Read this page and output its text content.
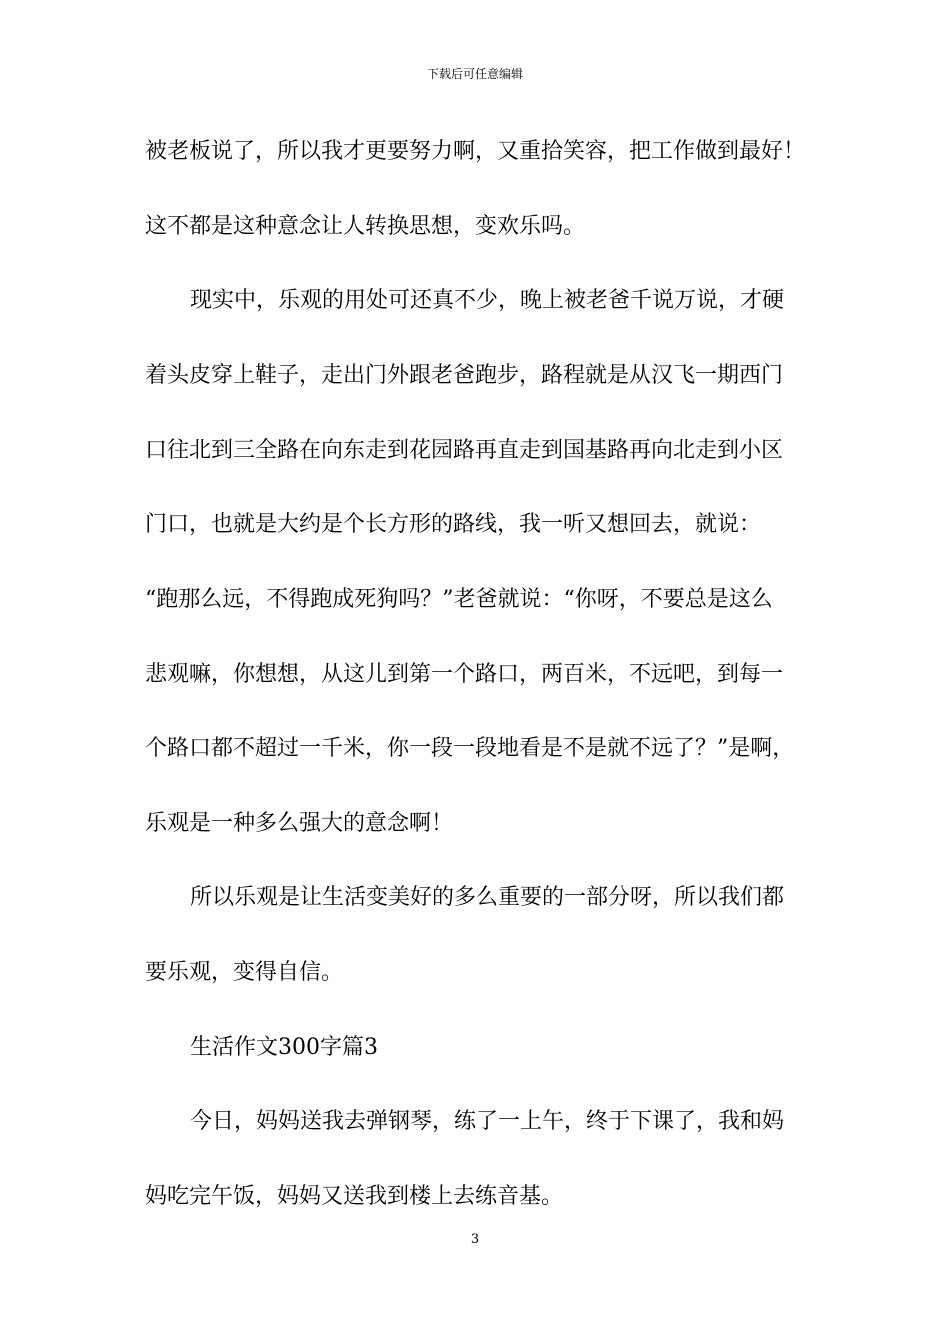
下载后可任意编辑
被老板说了，所以我才更要努力啊，又重拾笑容，把工作做到最好！
这不都是这种意念让人转换思想，变欢乐吗。
现实中，乐观的用处可还真不少，晚上被老爸千说万说，才硬
着头皮穿上鞋子，走出门外跟老爸跑步，路程就是从汉飞一期西门
口往北到三全路在向东走到花园路再直走到国基路再向北走到小区
门口，也就是大约是个长方形的路线，我一听又想回去，就说：
“跑那么远，不得跑成死狗吗？”老爸就说：“你呀，不要总是这么
悲观嘛，你想想，从这儿到第一个路口，两百米，不远吧，到每一
个路口都不超过一千米，你一段一段地看是不是就不远了？”是啊，
乐观是一种多么强大的意念啊！
所以乐观是让生活变美好的多么重要的一部分呀，所以我们都
要乐观，变得自信。
生活作文300字篇3
今日，妈妈送我去弹钢琴，练了一上午，终于下课了，我和妈
妈吃完午饭，妈妈又送我到楼上去练音基。
3
